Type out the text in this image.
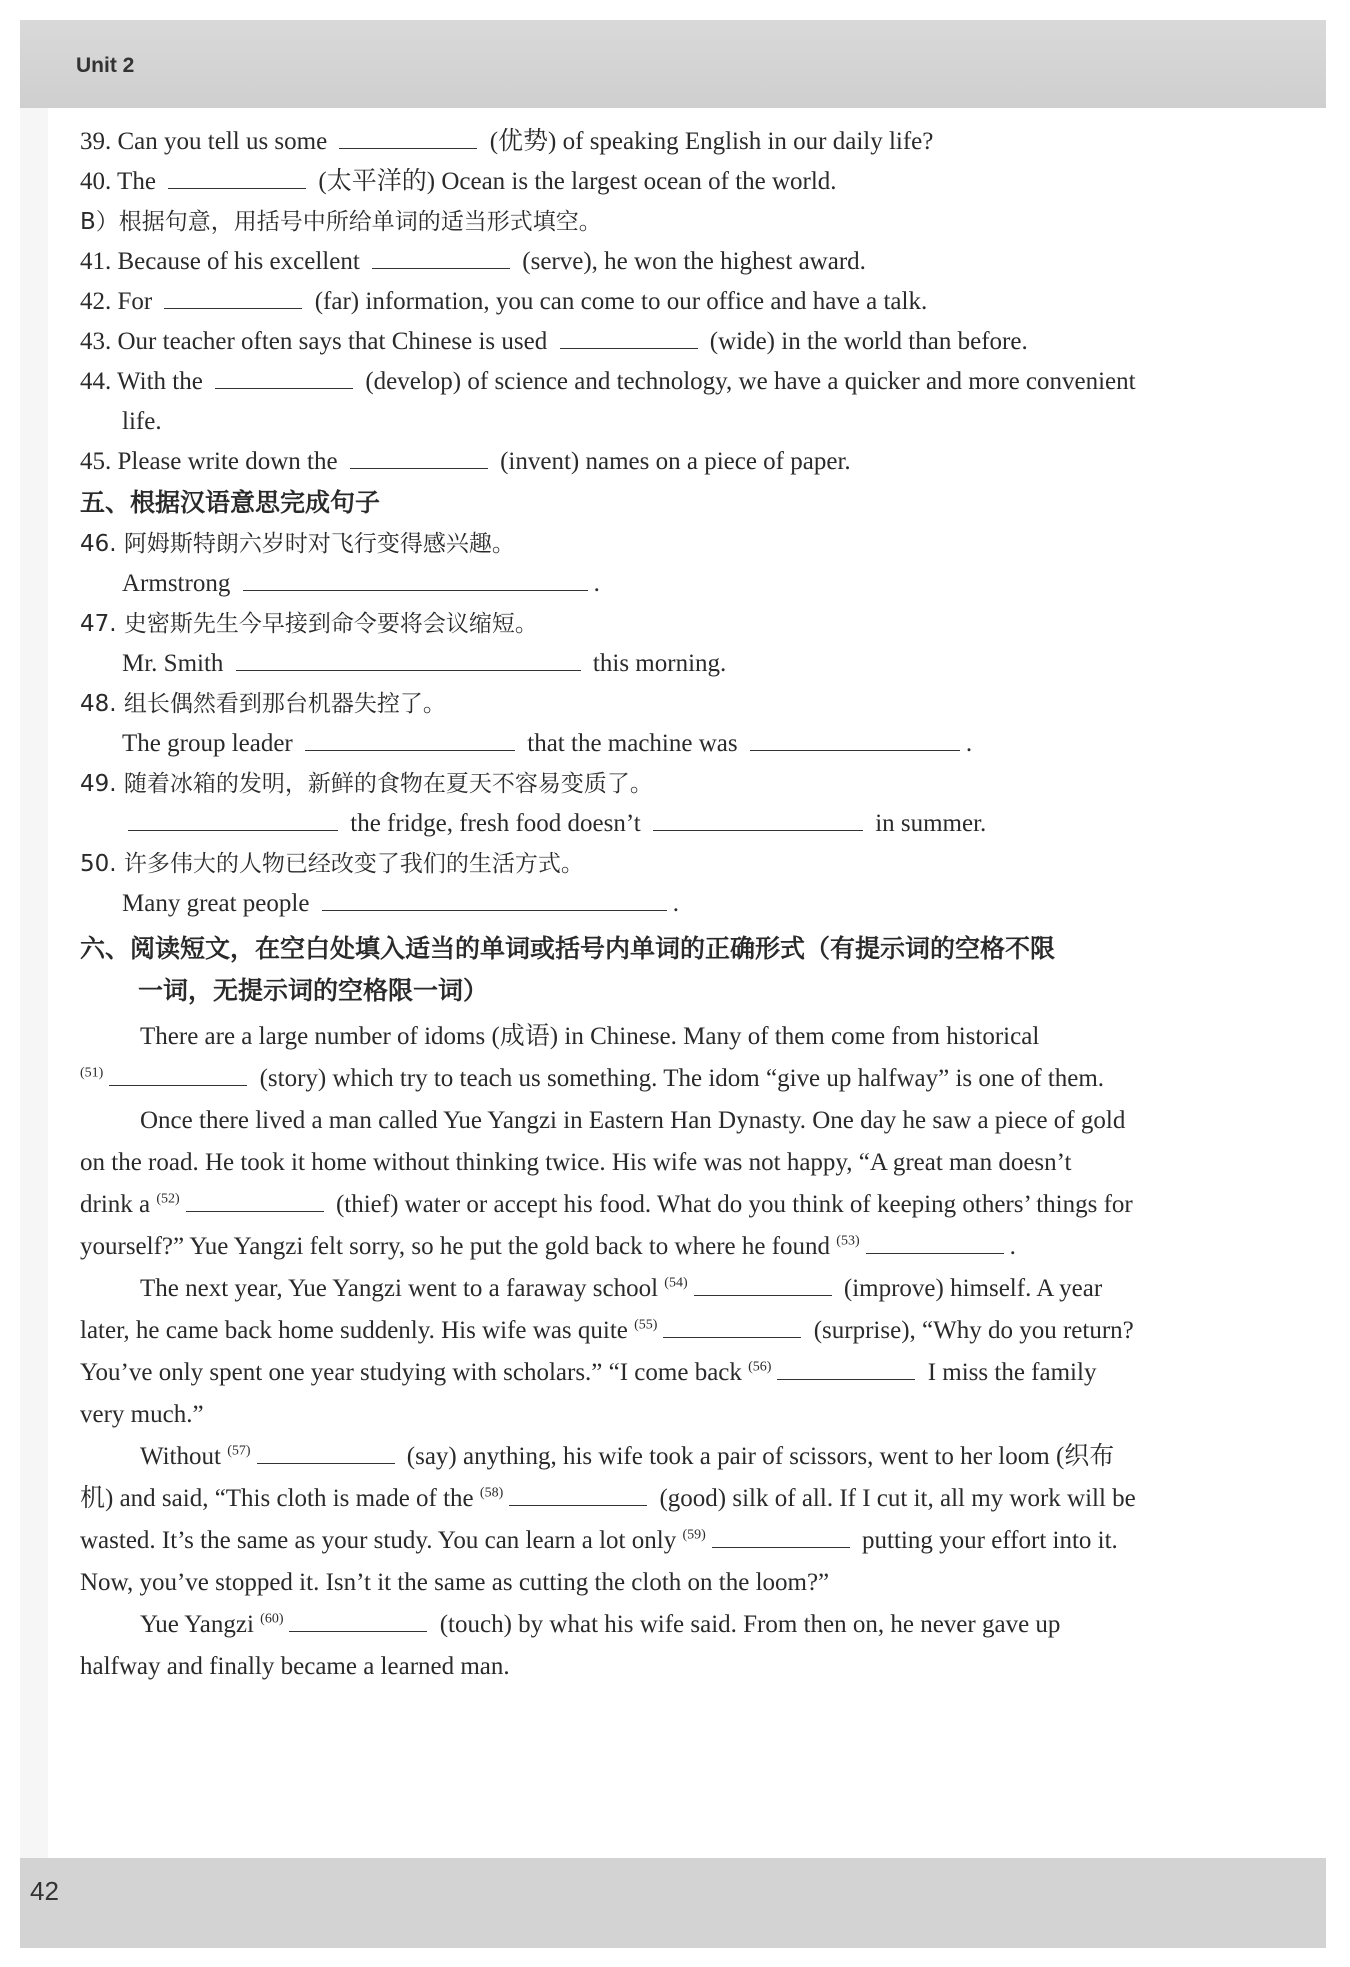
Unit 2
42
39. Can you tell us some	(优势) of speaking English in our daily life?
40. The	(太平洋的) Ocean is the largest ocean of the world.
B）根据句意，用括号中所给单词的适当形式填空。
41. Because of his excellent	(serve), he won the highest award.
42. For	(far) information, you can come to our office and have a talk.
43. Our teacher often says that Chinese is used	(wide) in the world than before.
44. With the	(develop) of science and technology, we have a quicker and more convenient
life.
45. Please write down the	(invent) names on a piece of paper.
五、根据汉语意思完成句子
46. 阿姆斯特朗六岁时对飞行变得感兴趣。
Armstrong	.
47. 史密斯先生今早接到命令要将会议缩短。
Mr. Smith	this morning.
48. 组长偶然看到那台机器失控了。
The group leader	that the machine was	.
49. 随着冰箱的发明，新鲜的食物在夏天不容易变质了。
the fridge, fresh food doesn’t	in summer.
50. 许多伟大的人物已经改变了我们的生活方式。
Many great people	.
六、阅读短文，在空白处填入适当的单词或括号内单词的正确形式（有提示词的空格不限
一词，无提示词的空格限一词）

There are a large number of idoms (成语) in Chinese. Many of them come from historical

$^{(51)}$	(story) which try to teach us something. The idom “give up halfway” is one of them.

Once there lived a man called Yue Yangzi in Eastern Han Dynasty. One day he saw a piece of gold

on the road. He took it home without thinking twice. His wife was not happy, “A great man doesn’t

drink a $^{(52)}$	(thief) water or accept his food. What do you think of keeping others’ things for

yourself?” Yue Yangzi felt sorry, so he put the gold back to where he found $^{(53)}$	.

The next year, Yue Yangzi went to a faraway school $^{(54)}$	(improve) himself. A year

later, he came back home suddenly. His wife was quite $^{(55)}$	(surprise), “Why do you return?

You’ve only spent one year studying with scholars.” “I come back $^{(56)}$	I miss the family

very much.”

Without $^{(57)}$	(say) anything, his wife took a pair of scissors, went to her loom (织布

机) and said, “This cloth is made of the $^{(58)}$	(good) silk of all. If I cut it, all my work will be

wasted. It’s the same as your study. You can learn a lot only $^{(59)}$	putting your effort into it.

Now, you’ve stopped it. Isn’t it the same as cutting the cloth on the loom?”

Yue Yangzi $^{(60)}$	(touch) by what his wife said. From then on, he never gave up

halfway and finally became a learned man.
